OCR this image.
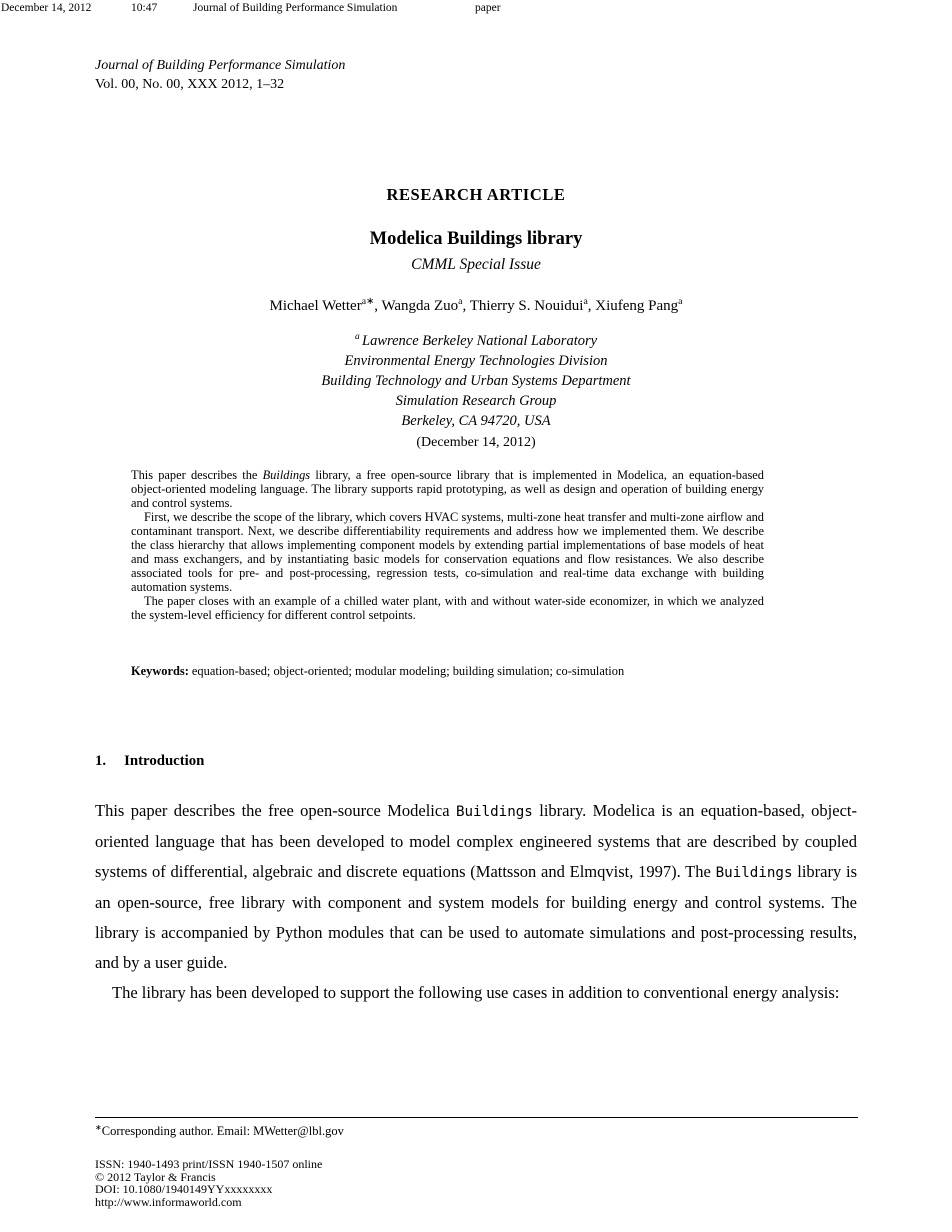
December 14, 2012	10:47	Journal of Building Performance Simulation	paper
Journal of Building Performance Simulation
Vol. 00, No. 00, XXX 2012, 1–32
RESEARCH ARTICLE
Modelica Buildings library
CMML Special Issue
Michael Wetter$^{a∗}$, Wangda Zuo$^a$, Thierry S. Nouidui$^a$, Xiufeng Pang$^a$
$^a$ Lawrence Berkeley National Laboratory
Environmental Energy Technologies Division
Building Technology and Urban Systems Department
Simulation Research Group
Berkeley, CA 94720, USA
(December 14, 2012)

This paper describes the Buildings library, a free open-source library that is implemented in Modelica, an equation-based object-oriented modeling language. The library supports rapid prototyping, as well as design and operation of building energy and control systems.

First, we describe the scope of the library, which covers HVAC systems, multi-zone heat transfer and multi-zone airflow and contaminant transport. Next, we describe differentiability requirements and address how we implemented them. We describe the class hierarchy that allows implementing component models by extending partial implementations of base models of heat and mass exchangers, and by instantiating basic models for conservation equations and flow resistances. We also describe associated tools for pre- and post-processing, regression tests, co-simulation and real-time data exchange with building automation systems.

The paper closes with an example of a chilled water plant, with and without water-side economizer, in which we analyzed the system-level efficiency for different control setpoints.

Keywords: equation-based; object-oriented; modular modeling; building simulation; co-simulation
1. Introduction

This paper describes the free open-source Modelica Buildings library. Modelica is an equation-based, object-oriented language that has been developed to model complex engineered systems that are described by coupled systems of differential, algebraic and discrete equations (Mattsson and Elmqvist, 1997). The Buildings library is an open-source, free library with component and system models for building energy and control systems. The library is accompanied by Python modules that can be used to automate simulations and post-processing results, and by a user guide.

The library has been developed to support the following use cases in addition to conventional energy analysis:

∗Corresponding author. Email: MWetter@lbl.gov
ISSN: 1940-1493 print/ISSN 1940-1507 online
© 2012 Taylor & Francis
DOI: 10.1080/1940149YYxxxxxxxx
http://www.informaworld.com
